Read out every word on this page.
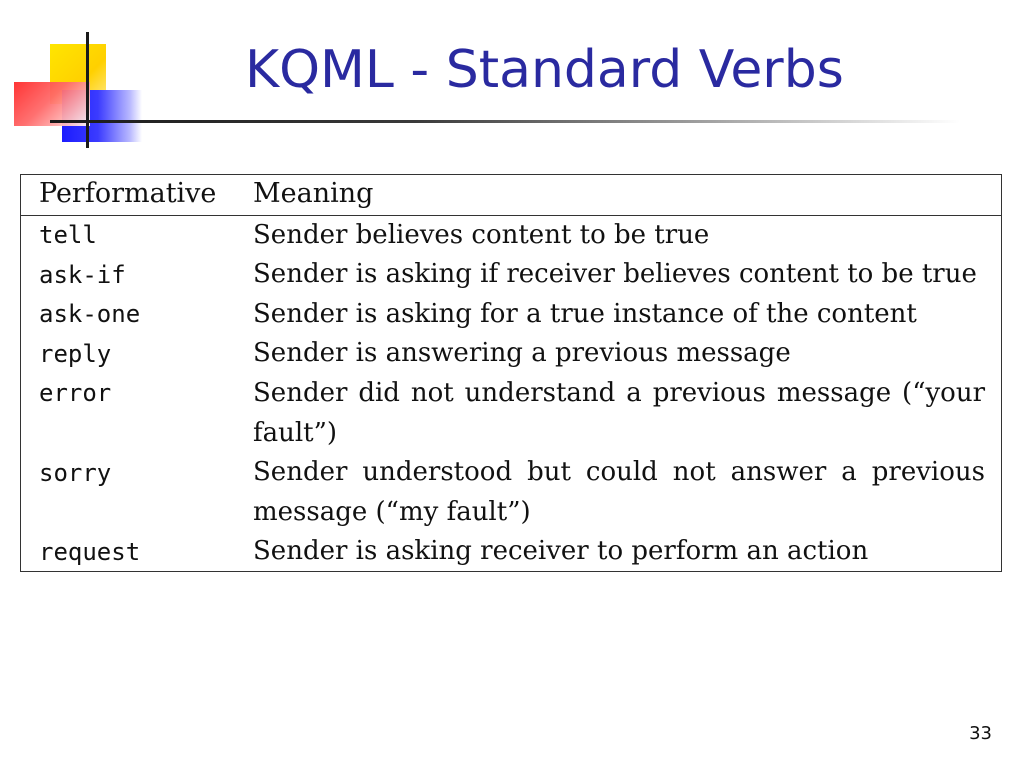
KQML - Standard Verbs
Performative Meaning
tell	Sender believes content to be true
ask-if	Sender is asking if receiver believes content to be true
ask-one	Sender is asking for a true instance of the content
reply	Sender is answering a previous message
error	Sender did not understand a previous message (“your fault”)
sorry	Sender understood but could not answer a previous message (“my fault”)
request	Sender is asking receiver to perform an action
33
